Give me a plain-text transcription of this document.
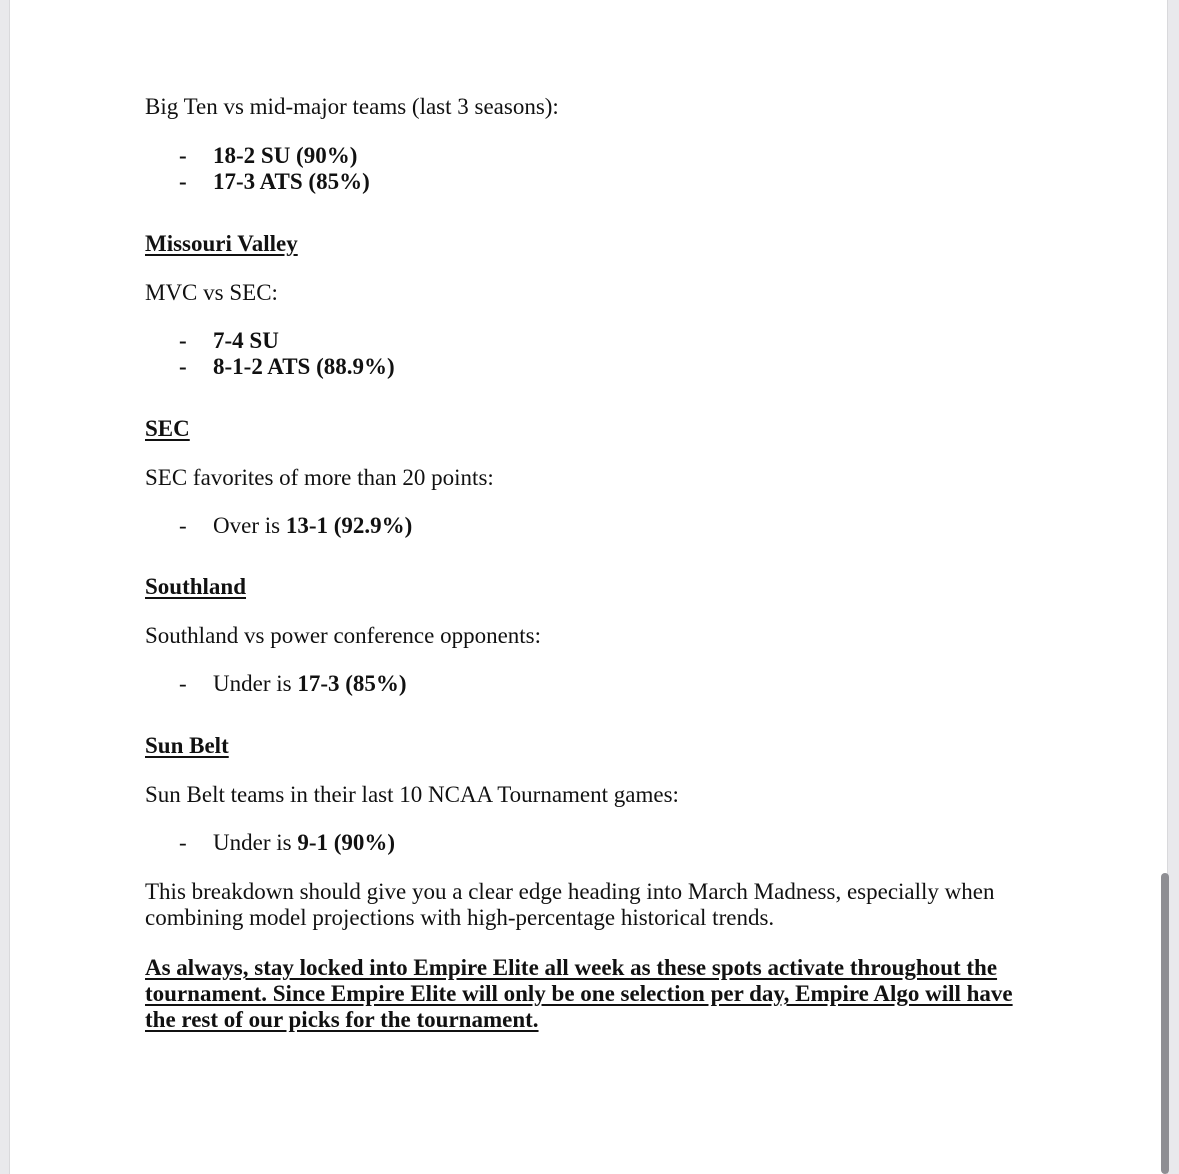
Big Ten vs mid-major teams (last 3 seasons):
- 18-2 SU (90%)
- 17-3 ATS (85%)
Missouri Valley
MVC vs SEC:
- 7-4 SU
- 8-1-2 ATS (88.9%)
SEC
SEC favorites of more than 20 points:
- Over is 13-1 (92.9%)
Southland
Southland vs power conference opponents:
- Under is 17-3 (85%)
Sun Belt
Sun Belt teams in their last 10 NCAA Tournament games:
- Under is 9-1 (90%)
This breakdown should give you a clear edge heading into March Madness, especially when combining model projections with high-percentage historical trends.
As always, stay locked into Empire Elite all week as these spots activate throughout the tournament. Since Empire Elite will only be one selection per day, Empire Algo will have the rest of our picks for the tournament.
